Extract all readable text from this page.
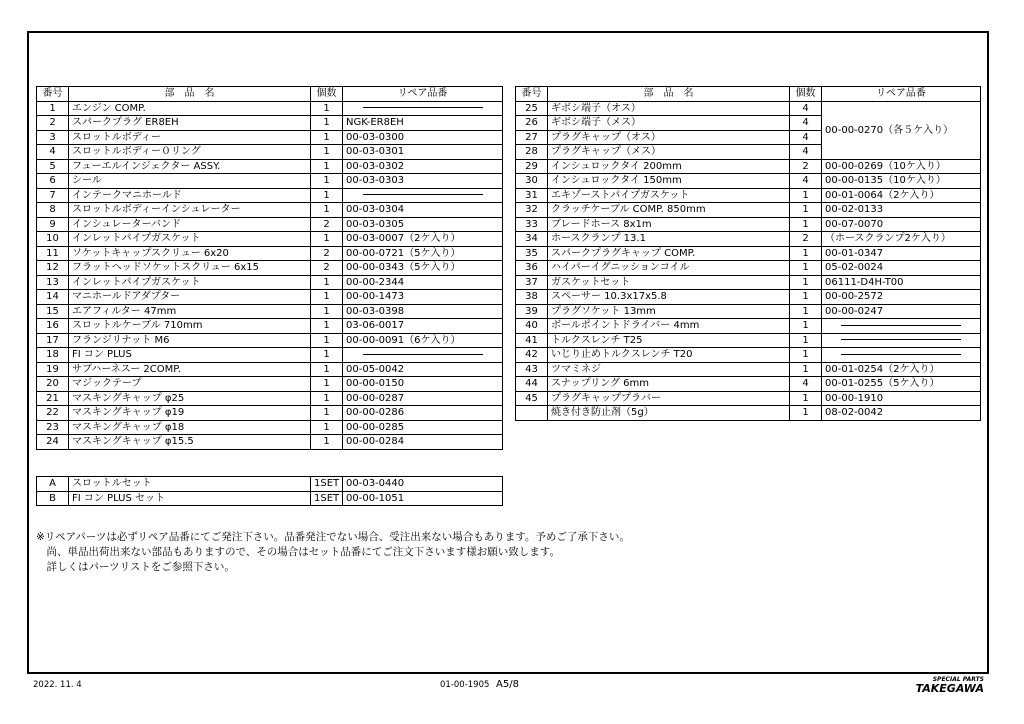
番号	部　品　名	個数	リペア品番
1	エンジン COMP.	1	
2	スパークプラグ ER8EH	1	NGK-ER8EH
3	スロットルボディー	1	00-03-0300
4	スロットルボディー０リング	1	00-03-0301
5	フューエルインジェクター ASSY.	1	00-03-0302
6	シール	1	00-03-0303
7	インテークマニホールド	1	
8	スロットルボディーインシュレーター	1	00-03-0304
9	インシュレーターバンド	2	00-03-0305
10	インレットパイプガスケット	1	00-03-0007（2ケ入り）
11	ソケットキャップスクリュー 6x20	2	00-00-0721（5ケ入り）
12	フラットヘッドソケットスクリュー 6x15	2	00-00-0343（5ケ入り）
13	インレットパイプガスケット	1	00-00-2344
14	マニホールドアダプター	1	00-00-1473
15	エアフィルター 47mm	1	00-03-0398
16	スロットルケーブル 710mm	1	03-06-0017
17	フランジリナット M6	1	00-00-0091（6ケ入り）
18	FI コン PLUS	1	
19	サブハーネスー 2COMP.	1	00-05-0042
20	マジックテープ	1	00-00-0150
21	マスキングキャップ φ25	1	00-00-0287
22	マスキングキャップ φ19	1	00-00-0286
23	マスキングキャップ φ18	1	00-00-0285
24	マスキングキャップ φ15.5	1	00-00-0284
番号	部　品　名	個数	リペア品番
25	ギボシ端子（オス）	4	00-00-0270（各５ケ入り）
26	ギボシ端子（メス）	4	
27	プラグキャップ（オス）	4	
28	プラグキャップ（メス）	4	
29	インシュロックタイ 200mm	2	00-00-0269（10ケ入り）
30	インシュロックタイ 150mm	4	00-00-0135（10ケ入り）
31	エキゾーストパイプガスケット	1	00-01-0064（2ケ入り）
32	クラッチケーブル COMP. 850mm	1	00-02-0133
33	ブレードホース 8x1m	1	00-07-0070
34	ホースクランプ 13.1	2	（ホースクランプ2ケ入り）
35	スパークプラグキャップ COMP.	1	00-01-0347
36	ハイパーイグニッションコイル	1	05-02-0024
37	ガスケットセット	1	06111-D4H-T00
38	スペーサー 10.3x17x5.8	1	00-00-2572
39	プラグソケット 13mm	1	00-00-0247
40	ボールポイントドライバー 4mm	1	
41	トルクスレンチ T25	1	
42	いじり止めトルクスレンチ T20	1	
43	ツマミネジ	1	00-01-0254（2ケ入り）
44	スナップリング 6mm	4	00-01-0255（5ケ入り）
45	プラグキャッププラバー	1	00-00-1910
	焼き付き防止剤（5g）	1	08-02-0042
A	スロットルセット	1SET	00-03-0440
B	FI コン PLUS セット	1SET	00-00-1051
※リペアパーツは必ずリペア品番にてご発注下さい。品番発注でない場合、受注出来ない場合もあります。予めご了承下さい。
　尚、単品出荷出来ない部品もありますので、その場合はセット品番にてご注文下さいます様お願い致します。
　詳しくはパーツリストをご参照下さい。
2022. 11. 4	01-00-1905 A5/8	SPECIAL PARTS
TAKEGAWA
